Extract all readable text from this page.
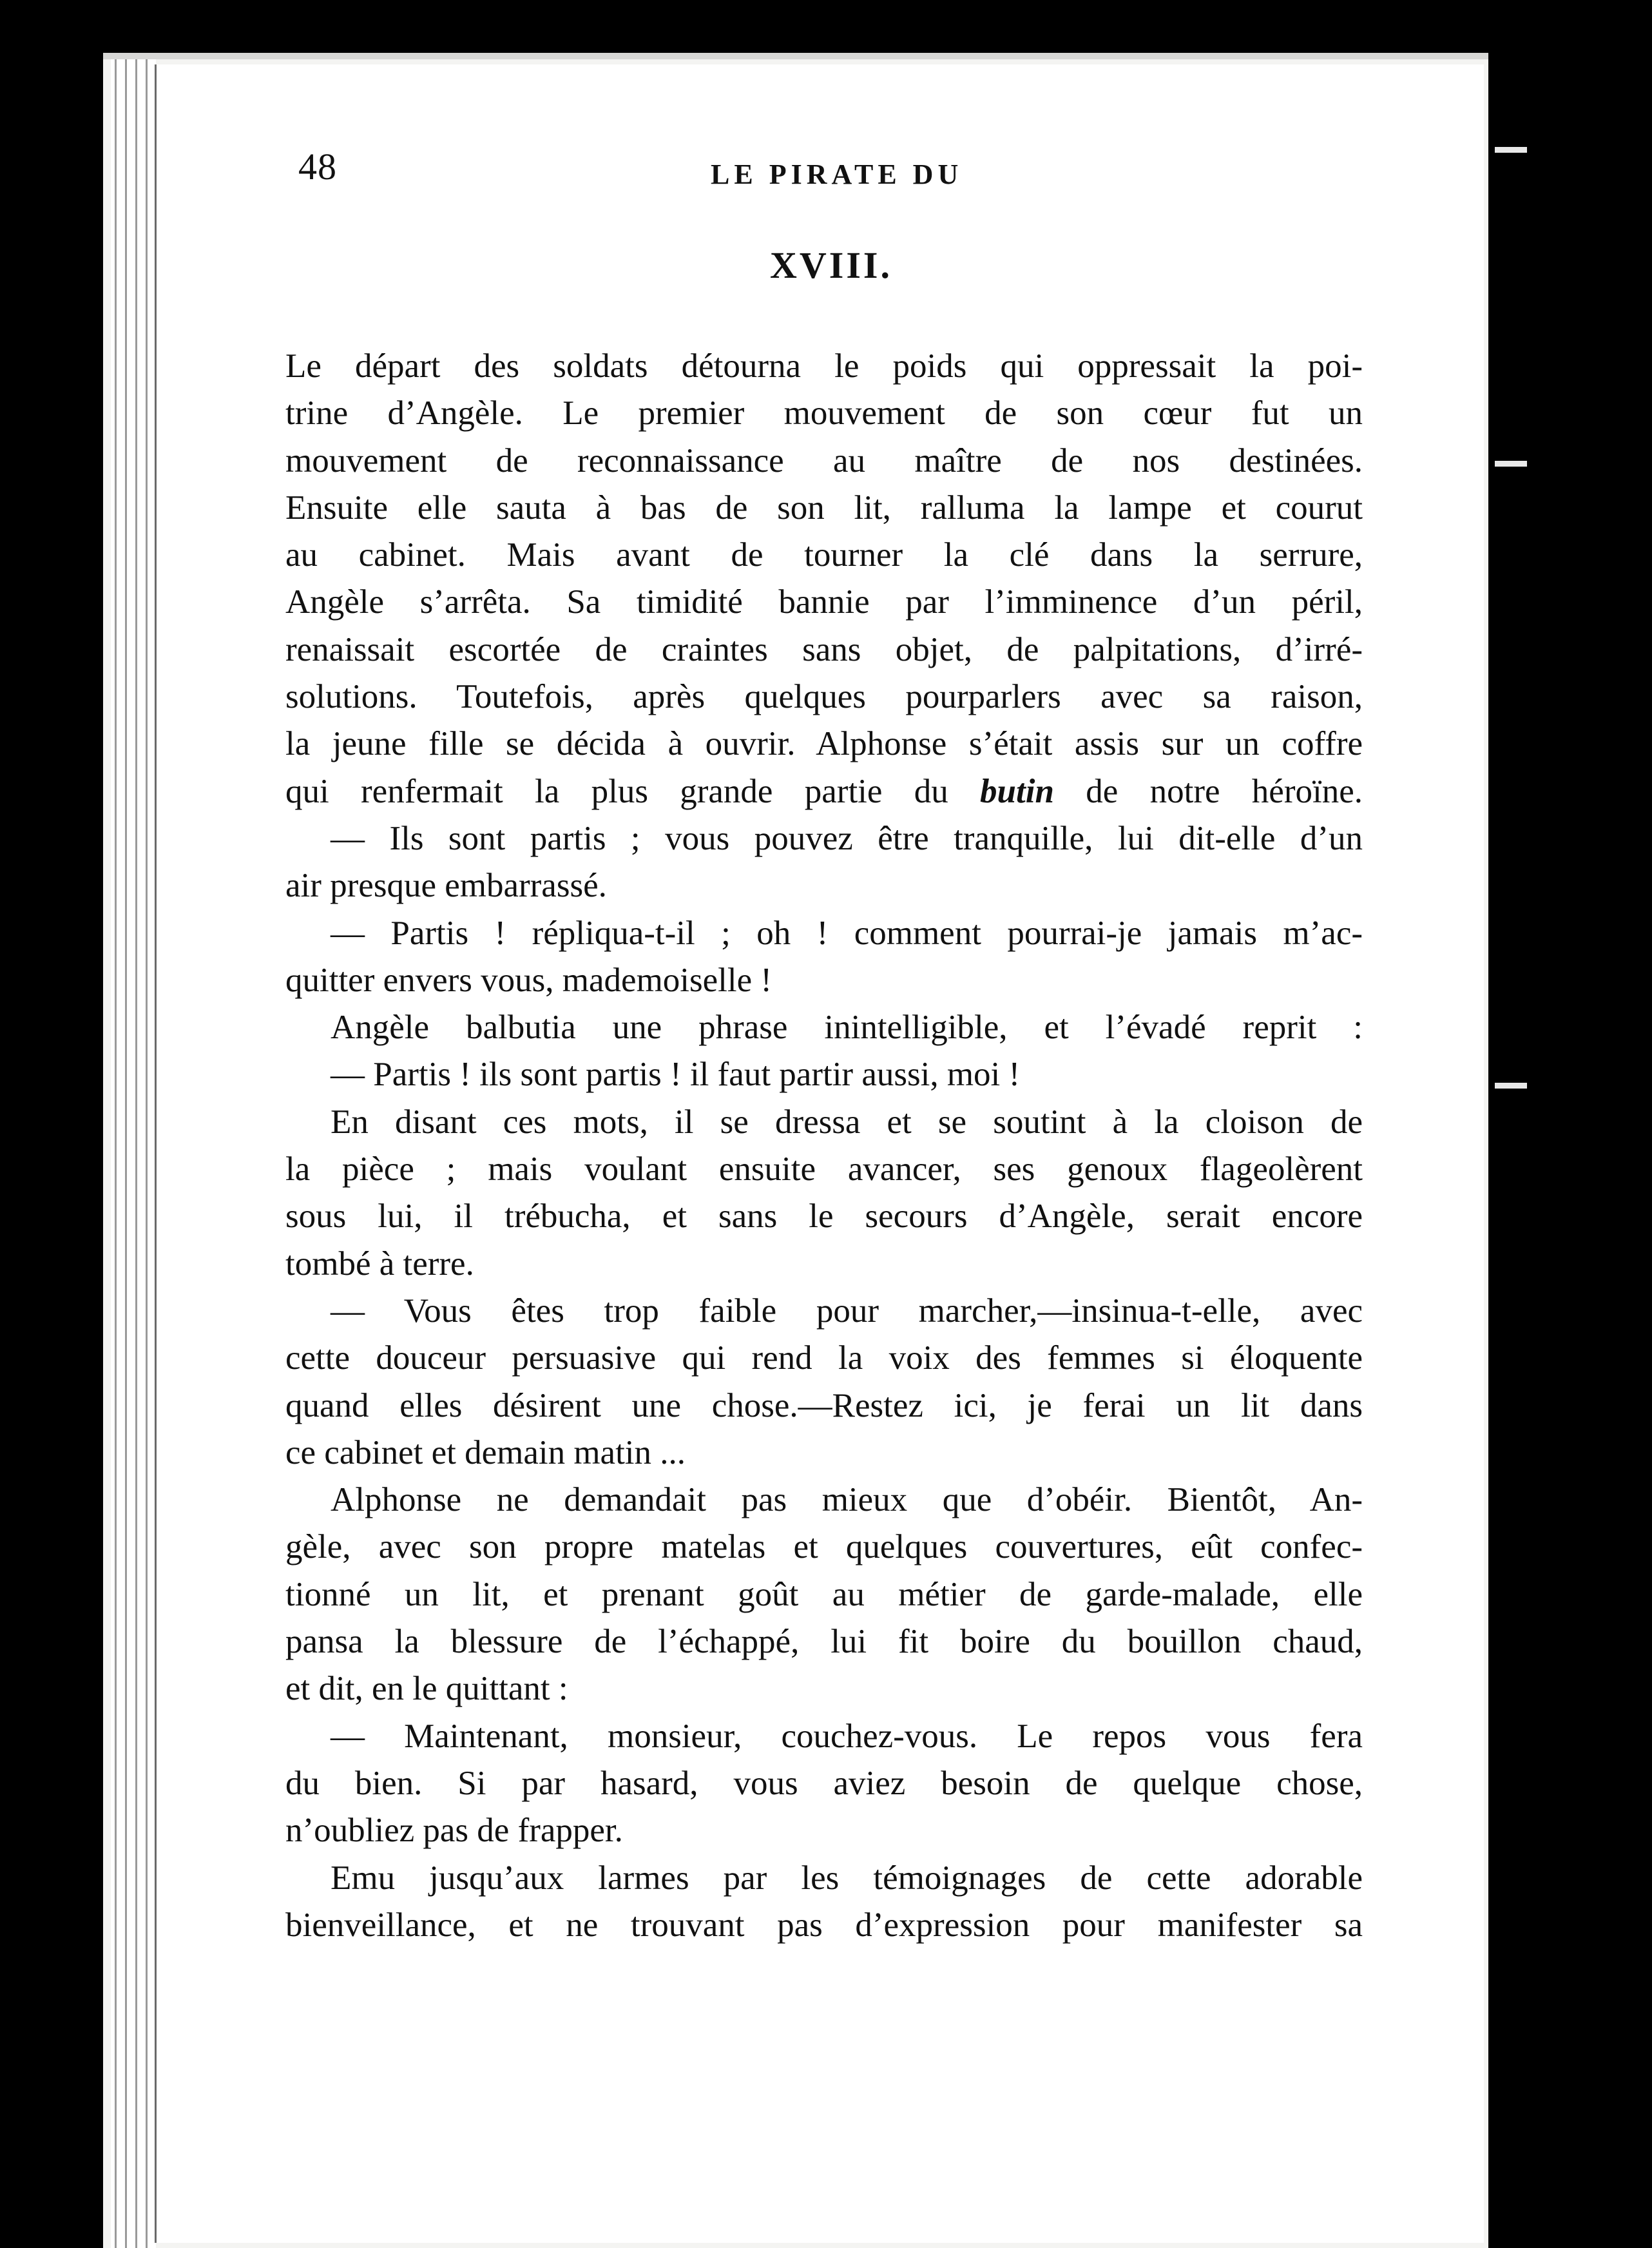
48	LE PIRATE DU
XVIII.
Le départ des soldats détourna le poids qui oppressait la poi-
trine d’Angèle. Le premier mouvement de son cœur fut un
mouvement de reconnaissance au maître de nos destinées.
Ensuite elle sauta à bas de son lit, ralluma la lampe et courut
au cabinet. Mais avant de tourner la clé dans la serrure,
Angèle s’arrêta. Sa timidité bannie par l’imminence d’un péril,
renaissait escortée de craintes sans objet, de palpitations, d’irré-
solutions. Toutefois, après quelques pourparlers avec sa raison,
la jeune fille se décida à ouvrir. Alphonse s’était assis sur un coffre
qui renfermait la plus grande partie du butin de notre héroïne.
— Ils sont partis ; vous pouvez être tranquille, lui dit-elle d’un
air presque embarrassé.
— Partis ! répliqua-t-il ; oh ! comment pourrai-je jamais m’ac-
quitter envers vous, mademoiselle !
Angèle balbutia une phrase inintelligible, et l’évadé reprit :
— Partis ! ils sont partis ! il faut partir aussi, moi !
En disant ces mots, il se dressa et se soutint à la cloison de
la pièce ; mais voulant ensuite avancer, ses genoux flageolèrent
sous lui, il trébucha, et sans le secours d’Angèle, serait encore
tombé à terre.
— Vous êtes trop faible pour marcher,—insinua-t-elle, avec
cette douceur persuasive qui rend la voix des femmes si éloquente
quand elles désirent une chose.—Restez ici, je ferai un lit dans
ce cabinet et demain matin ...
Alphonse ne demandait pas mieux que d’obéir. Bientôt, An-
gèle, avec son propre matelas et quelques couvertures, eût confec-
tionné un lit, et prenant goût au métier de garde-malade, elle
pansa la blessure de l’échappé, lui fit boire du bouillon chaud,
et dit, en le quittant :
— Maintenant, monsieur, couchez-vous. Le repos vous fera
du bien. Si par hasard, vous aviez besoin de quelque chose,
n’oubliez pas de frapper.
Emu jusqu’aux larmes par les témoignages de cette adorable
bienveillance, et ne trouvant pas d’expression pour manifester sa
